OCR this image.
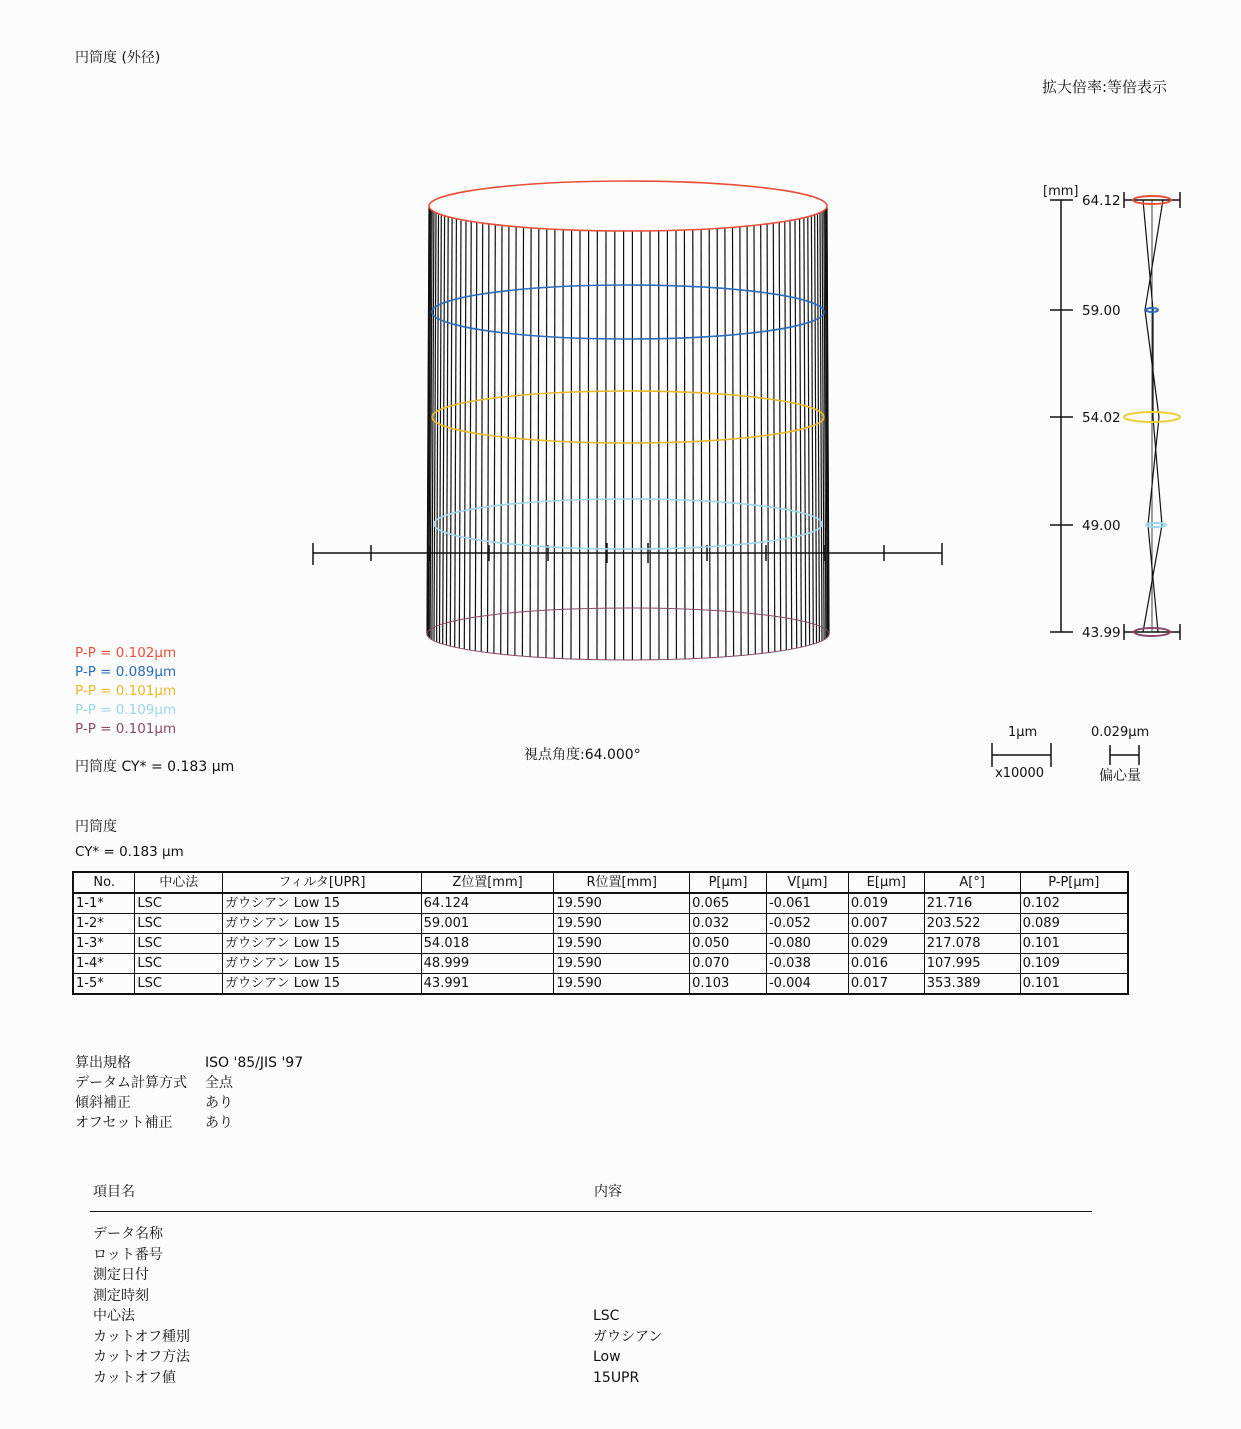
円筒度 (外径)
拡大倍率:等倍表示
[mm]
64.12
59.00
54.02
49.00
43.99
P-P = 0.102μm
P-P = 0.089μm
P-P = 0.101μm
P-P = 0.109μm
P-P = 0.101μm
円筒度 CY* = 0.183 μm
視点角度:64.000°
1μm
x10000
0.029μm
偏心量
円筒度
CY* = 0.183 μm
No.	中心法	フィルタ[UPR]	Z位置[mm]	R位置[mm]	P[μm]	V[μm]	E[μm]	A[°]	P-P[μm]
1-1*	LSC	ガウシアン Low 15	64.124	19.590	0.065	-0.061	0.019	21.716	0.102
1-2*	LSC	ガウシアン Low 15	59.001	19.590	0.032	-0.052	0.007	203.522	0.089
1-3*	LSC	ガウシアン Low 15	54.018	19.590	0.050	-0.080	0.029	217.078	0.101
1-4*	LSC	ガウシアン Low 15	48.999	19.590	0.070	-0.038	0.016	107.995	0.109
1-5*	LSC	ガウシアン Low 15	43.991	19.590	0.103	-0.004	0.017	353.389	0.101
算出規格	ISO '85/JIS '97
データム計算方式	全点
傾斜補正	あり
オフセット補正	あり
項目名	内容
データ名称
ロット番号
測定日付
測定時刻
中心法	LSC
カットオフ種別	ガウシアン
カットオフ方法	Low
カットオフ値	15UPR
